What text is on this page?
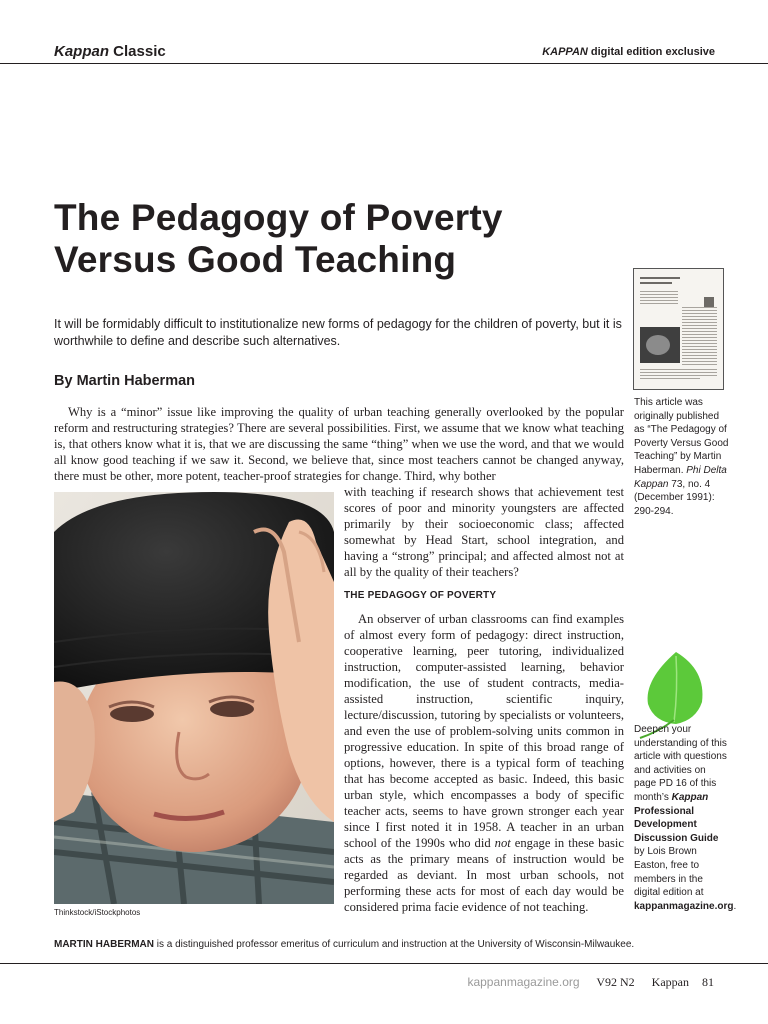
Kappan Classic	KAPPAN digital edition exclusive
The Pedagogy of Poverty Versus Good Teaching
It will be formidably difficult to institutionalize new forms of pedagogy for the children of poverty, but it is worthwhile to define and describe such alternatives.
By Martin Haberman
Why is a “minor” issue like improving the quality of urban teaching generally overlooked by the popular reform and restructuring strategies? There are several possibilities. First, we assume that we know what teaching is, that others know what it is, that we are discussing the same “thing” when we use the word, and that we would all know good teaching if we saw it. Second, we believe that, since most teachers cannot be changed anyway, there must be other, more potent, teacher-proof strategies for change. Third, why bother
with teaching if research shows that achievement test scores of poor and minority youngsters are affected primarily by their socioeconomic class; affected somewhat by Head Start, school integration, and having a “strong” principal; and affected almost not at all by the quality of their teachers?
THE PEDAGOGY OF POVERTY
An observer of urban classrooms can find examples of almost every form of pedagogy: direct instruction, cooperative learning, peer tutoring, individualized instruction, computer-assisted learning, behavior modification, the use of student contracts, media-assisted instruction, scientific inquiry, lecture/discussion, tutoring by specialists or volunteers, and even the use of problem-solving units common in progressive education. In spite of this broad range of options, however, there is a typical form of teaching that has become accepted as basic. Indeed, this basic urban style, which encompasses a body of specific teacher acts, seems to have grown stronger each year since I first noted it in 1958. A teacher in an urban school of the 1990s who did not engage in these basic acts as the primary means of instruction would be regarded as deviant. In most urban schools, not performing these acts for most of each day would be considered prima facie evidence of not teaching.
Thinkstock/iStockphotos
MARTIN HABERMAN is a distinguished professor emeritus of curriculum and instruction at the University of Wisconsin-Milwaukee.
kappanmagazine.org V92 N2 Kappan 81
This article was originally published as “The Pedagogy of Poverty Versus Good Teaching” by Martin Haberman. Phi Delta Kappan 73, no. 4 (December 1991): 290-294.
Deepen your understanding of this article with questions and activities on page PD 16 of this month’s Kappan Professional Development Discussion Guide by Lois Brown Easton, free to members in the digital edition at kappanmagazine.org.
